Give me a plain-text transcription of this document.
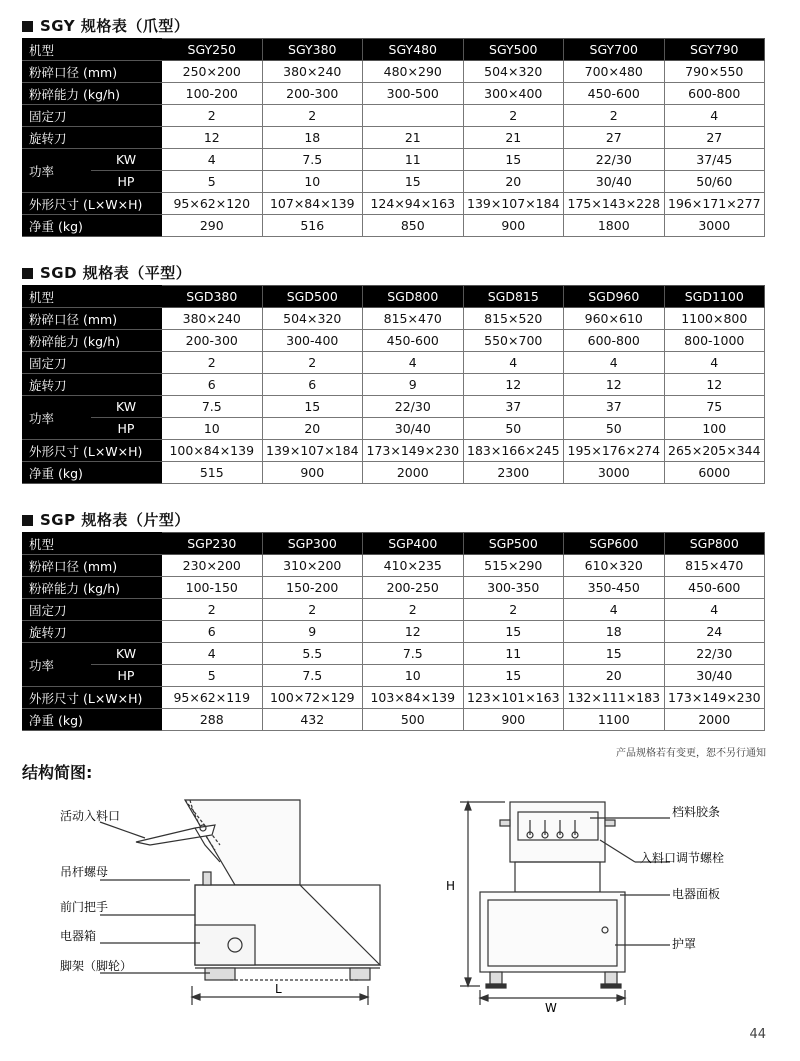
SGY 规格表（爪型）
机型		SGY250	SGY380	SGY480	SGY500	SGY700	SGY790
粉碎口径 (mm)		250×200	380×240	480×290	504×320	700×480	790×550
粉碎能力 (kg/h)		100-200	200-300	300-500	300×400	450-600	600-800
固定刀		2	2		2	2	4
旋转刀		12	18	21	21	27	27
功率	KW	4	7.5	11	15	22/30	37/45
	HP	5	10	15	20	30/40	50/60
外形尺寸 (L×W×H)		95×62×120	107×84×139	124×94×163	139×107×184	175×143×228	196×171×277
净重 (kg)		290	516	850	900	1800	3000
SGD 规格表（平型）
机型		SGD380	SGD500	SGD800	SGD815	SGD960	SGD1100
粉碎口径 (mm)		380×240	504×320	815×470	815×520	960×610	1100×800
粉碎能力 (kg/h)		200-300	300-400	450-600	550×700	600-800	800-1000
固定刀		2	2	4	4	4	4
旋转刀		6	6	9	12	12	12
功率	KW	7.5	15	22/30	37	37	75
	HP	10	20	30/40	50	50	100
外形尺寸 (L×W×H)		100×84×139	139×107×184	173×149×230	183×166×245	195×176×274	265×205×344
净重 (kg)		515	900	2000	2300	3000	6000
SGP 规格表（片型）
机型		SGP230	SGP300	SGP400	SGP500	SGP600	SGP800
粉碎口径 (mm)		230×200	310×200	410×235	515×290	610×320	815×470
粉碎能力 (kg/h)		100-150	150-200	200-250	300-350	350-450	450-600
固定刀		2	2	2	2	4	4
旋转刀		6	9	12	15	18	24
功率	KW	4	5.5	7.5	11	15	22/30
	HP	5	7.5	10	15	20	30/40
外形尺寸 (L×W×H)		95×62×119	100×72×129	103×84×139	123×101×163	132×111×183	173×149×230
净重 (kg)		288	432	500	900	1100	2000
产品规格若有变更，恕不另行通知
结构简图:
活动入料口
吊杆螺母
前门把手
电器箱
脚架（脚轮）
L
档料胶条
入料口调节螺栓
电器面板
护罩
H
W
44
